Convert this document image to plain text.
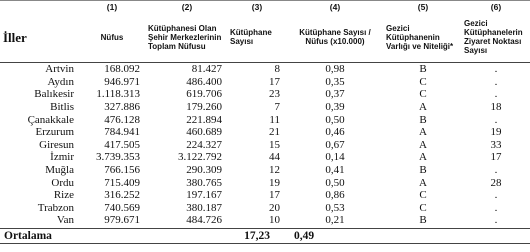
	(1)	(2)	(3)	(4)	(5)	(6)
İller	Nüfus	Kütüphanesi Olan Şehir Merkezlerinin Toplam Nüfusu	Kütüphane Sayısı	Kütüphane Sayısı / Nüfus (x10.000)	Gezici Kütüphanenin Varlığı ve Niteliği*	Gezici Kütüphanelerin Ziyaret Noktası Sayısı
Artvin	168.092	81.427	8	0,98	B	.
Aydın	946.971	486.400	17	0,35	C	.
Balıkesir	1.118.313	619.706	23	0,37	C	.
Bitlis	327.886	179.260	7	0,39	A	18
Çanakkale	476.128	221.894	11	0,50	B	.
Erzurum	784.941	460.689	21	0,46	A	19
Giresun	417.505	224.327	15	0,67	A	33
İzmir	3.739.353	3.122.792	44	0,14	A	17
Muğla	766.156	290.309	12	0,41	B	.
Ordu	715.409	380.765	19	0,50	A	28
Rize	316.252	197.167	17	0,86	C	.
Trabzon	740.569	380.187	20	0,53	C	.
Van	979.671	484.726	10	0,21	B	.
Ortalama			17,23	0,49		
